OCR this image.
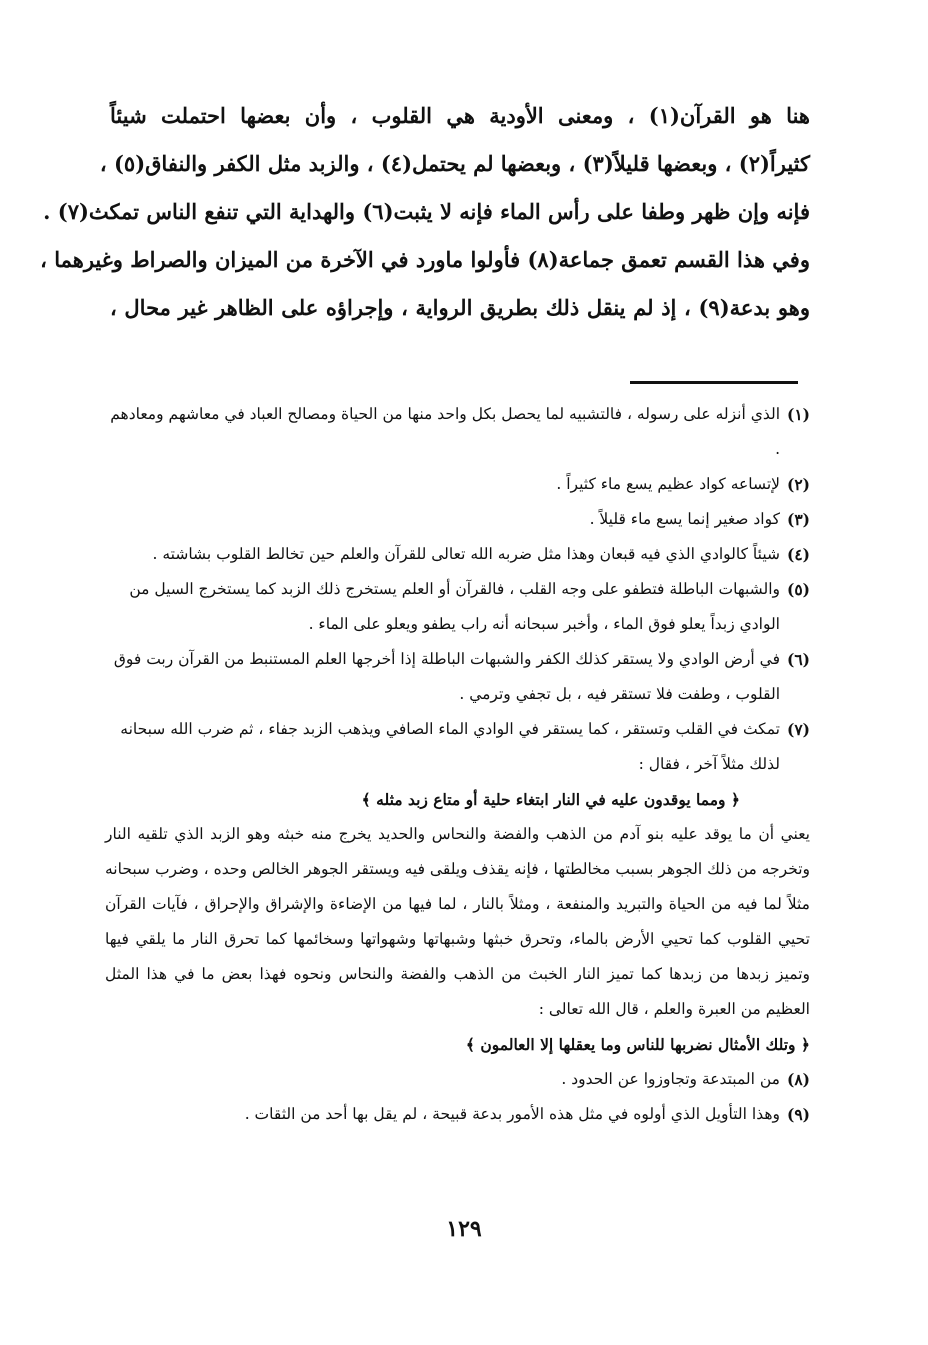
هنا هو القرآن(١) ، ومعنى الأودية هي القلوب ، وأن بعضها احتملت شيئاً

كثيراً(٢) ، وبعضها قليلاً(٣) ، وبعضها لم يحتمل(٤) ، والزبد مثل الكفر والنفاق(٥) ،

فإنه وإن ظهر وطفا على رأس الماء فإنه لا يثبت(٦) والهداية التي تنفع الناس تمكث(٧) .

وفي هذا القسم تعمق جماعة(٨) فأولوا ماورد في الآخرة من الميزان والصراط وغيرهما ،

وهو بدعة(٩) ، إذ لم ينقل ذلك بطريق الرواية ، وإجراؤه على الظاهر غير محال ،

(١)
الذي أنزله على رسوله ، فالتشبيه لما يحصل بكل واحد منها من الحياة ومصالح العباد في معاشهم ومعادهم .
(٢)
لإتساعه كواد عظيم يسع ماء كثيراً .
(٣)
كواد صغير إنما يسع ماء قليلاً .
(٤)
شيئاً كالوادي الذي فيه قبعان وهذا مثل ضربه الله تعالى للقرآن والعلم حين تخالط القلوب بشاشته .
(٥)
والشبهات الباطلة فتطفو على وجه القلب ، فالقرآن أو العلم يستخرج ذلك الزبد كما يستخرج السيل من الوادي زبداً يعلو فوق الماء ، وأخبر سبحانه أنه راب يطفو ويعلو على الماء .
(٦)
في أرض الوادي ولا يستقر كذلك الكفر والشبهات الباطلة إذا أخرجها العلم المستنبط من القرآن ربت فوق القلوب ، وطفت فلا تستقر فيه ، بل تجفي وترمي .
(٧)
تمكث في القلب وتستقر ، كما يستقر في الوادي الماء الصافي ويذهب الزبد جفاء ، ثم ضرب الله سبحانه لذلك مثلاً آخر ، فقال :
﴿ ومما يوقدون عليه في النار ابتغاء حلية أو متاع زبد مثله ﴾
يعني أن ما يوقد عليه بنو آدم من الذهب والفضة والنحاس والحديد يخرج منه خبثه وهو الزبد الذي تلقيه النار وتخرجه من ذلك الجوهر بسبب مخالطتها ، فإنه يقذف ويلقى فيه ويستقر الجوهر الخالص وحده ، وضرب سبحانه مثلاً لما فيه من الحياة والتبريد والمنفعة ، ومثلاً بالنار ، لما فيها من الإضاءة والإشراق والإحراق ، فآيات القرآن تحيي القلوب كما تحيي الأرض بالماء، وتحرق خبثها وشبهاتها وشهواتها وسخائمها كما تحرق النار ما يلقي فيها وتميز زبدها من زبدها كما تميز النار الخبث من الذهب والفضة والنحاس ونحوه فهذا بعض ما في هذا المثل العظيم من العبرة والعلم ، قال الله تعالى :
﴿ وتلك الأمثال نضربها للناس وما يعقلها إلا العالمون ﴾
(٨)
من المبتدعة وتجاوزوا عن الحدود .
(٩)
وهذا التأويل الذي أولوه في مثل هذه الأمور بدعة قبيحة ، لم يقل بها أحد من الثقات .
١٢٩
